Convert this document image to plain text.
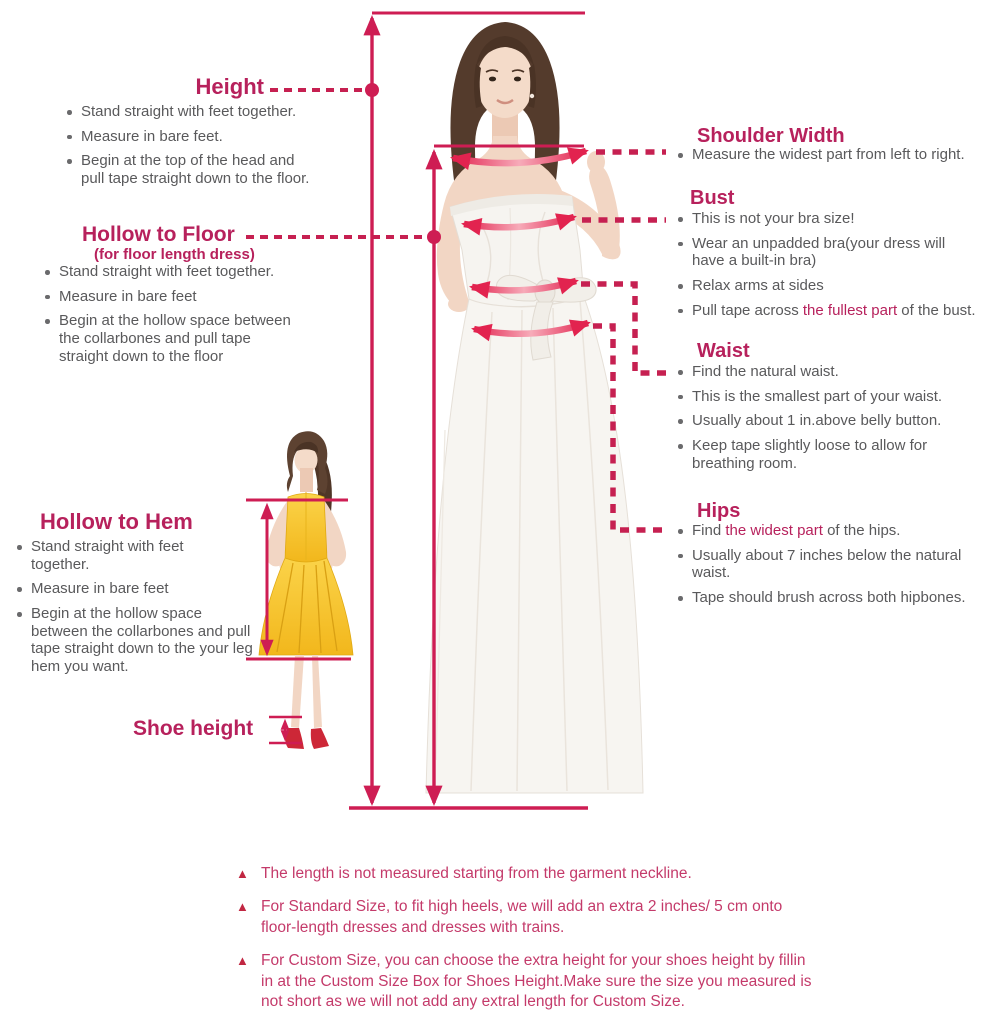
Height
Stand straight with feet together.
Measure in bare feet.
Begin at the top of the head and
pull tape straight down to the floor.
Hollow to Floor
(for floor length dress)
Stand straight with feet together.
Measure in bare feet
Begin at the hollow space between
the collarbones and pull tape
straight down to the floor
Hollow to Hem
Stand straight with feet
together.
Measure in bare feet
Begin at the hollow space
between the collarbones and pull
tape straight down to the your leg
hem you want.
Shoe height
Shoulder Width
Measure the widest part from left to right.
Bust
This is not your bra size!
Wear an unpadded bra(your dress will
have a built-in bra)
Relax arms at sides
Pull tape across the fullest part of the bust.
Waist
Find the natural waist.
This is the smallest part of your waist.
Usually about 1 in.above belly button.
Keep tape slightly loose to allow for
breathing room.
Hips
Find the widest part of the hips.
Usually about 7 inches below the natural
waist.
Tape should brush across both hipbones.
▲ The length is not measured starting from the garment neckline.
▲ For Standard Size, to fit high heels, we will add an extra 2 inches/ 5 cm onto
floor-length dresses and dresses with trains.
▲ For Custom Size, you can choose the extra height for your shoes height by fillin
in at the Custom Size Box for Shoes Height.Make sure the size you measured is
not short as we will not add any extral length for Custom Size.
